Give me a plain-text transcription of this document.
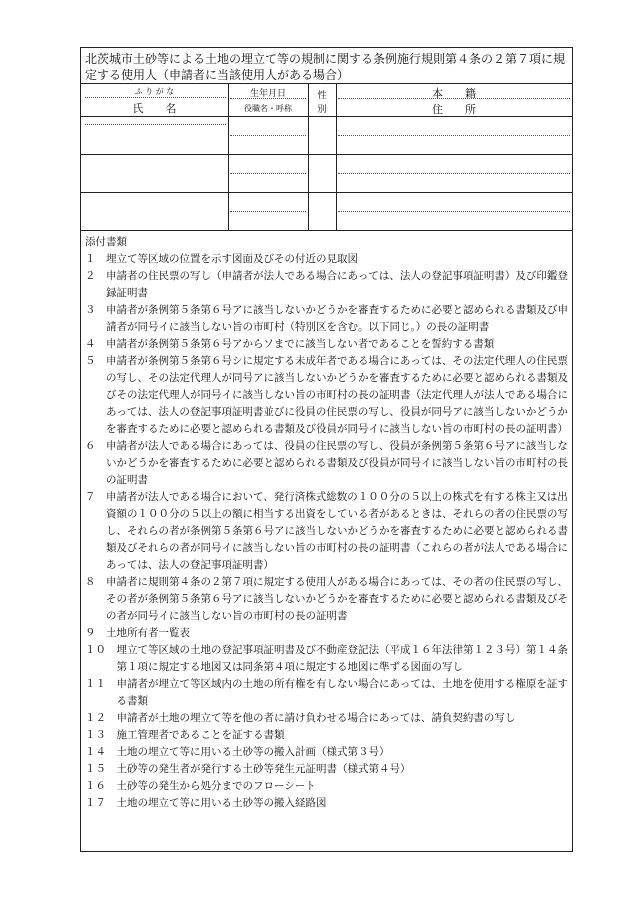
北茨城市土砂等による土地の埋立て等の規制に関する条例施行規則第４条の２第７項に規定する使用人（申請者に当該使用人がある場合）
ふ り が な
氏　　名
生年月日
役職名・呼称
性
別
本　　籍
住　　所
添付書類
１　 埋立て等区域の位置を示す図面及びその付近の見取図
２　 申請者の住民票の写し（申請者が法人である場合にあっては、法人の登記事項証明書）及び印鑑登録証明書
３　 申請者が条例第５条第６号アに該当しないかどうかを審査するために必要と認められる書類及び申請者が同号イに該当しない旨の市町村（特別区を含む。以下同じ。）の長の証明書
４　 申請者が条例第５条第６号アからソまでに該当しない者であることを誓約する書類
５　 申請者が条例第５条第６号シに規定する未成年者である場合にあっては、その法定代理人の住民票の写し、その法定代理人が同号アに該当しないかどうかを審査するために必要と認められる書類及びその法定代理人が同号イに該当しない旨の市町村の長の証明書（法定代理人が法人である場合にあっては、法人の登記事項証明書並びに役員の住民票の写し、役員が同号アに該当しないかどうかを審査するために必要と認められる書類及び役員が同号イに該当しない旨の市町村の長の証明書）
６　 申請者が法人である場合にあっては、役員の住民票の写し、役員が条例第５条第６号アに該当しないかどうかを審査するために必要と認められる書類及び役員が同号イに該当しない旨の市町村の長の証明書
７　 申請者が法人である場合において、発行済株式総数の１００分の５以上の株式を有する株主又は出資額の１００分の５以上の額に相当する出資をしている者があるときは、それらの者の住民票の写し、それらの者が条例第５条第６号アに該当しないかどうかを審査するために必要と認められる書類及びそれらの者が同号イに該当しない旨の市町村の長の証明書（これらの者が法人である場合にあっては、法人の登記事項証明書）
８　 申請者に規則第４条の２第７項に規定する使用人がある場合にあっては、その者の住民票の写し、その者が条例第５条第６号アに該当しないかどうかを審査するために必要と認められる書類及びその者が同号イに該当しない旨の市町村の長の証明書
９　 土地所有者一覧表
１０　 埋立て等区域の土地の登記事項証明書及び不動産登記法（平成１６年法律第１２３号）第１４条第１項に規定する地図又は同条第４項に規定する地図に準ずる図面の写し
１１　 申請者が埋立て等区域内の土地の所有権を有しない場合にあっては、土地を使用する権原を証する書類
１２　 申請者が土地の埋立て等を他の者に請け負わせる場合にあっては、請負契約書の写し
１３　 施工管理者であることを証する書類
１４　 土地の埋立て等に用いる土砂等の搬入計画（様式第３号）
１５　 土砂等の発生者が発行する土砂等発生元証明書（様式第４号）
１６　 土砂等の発生から処分までのフローシート
１７　 土地の埋立て等に用いる土砂等の搬入経路図
